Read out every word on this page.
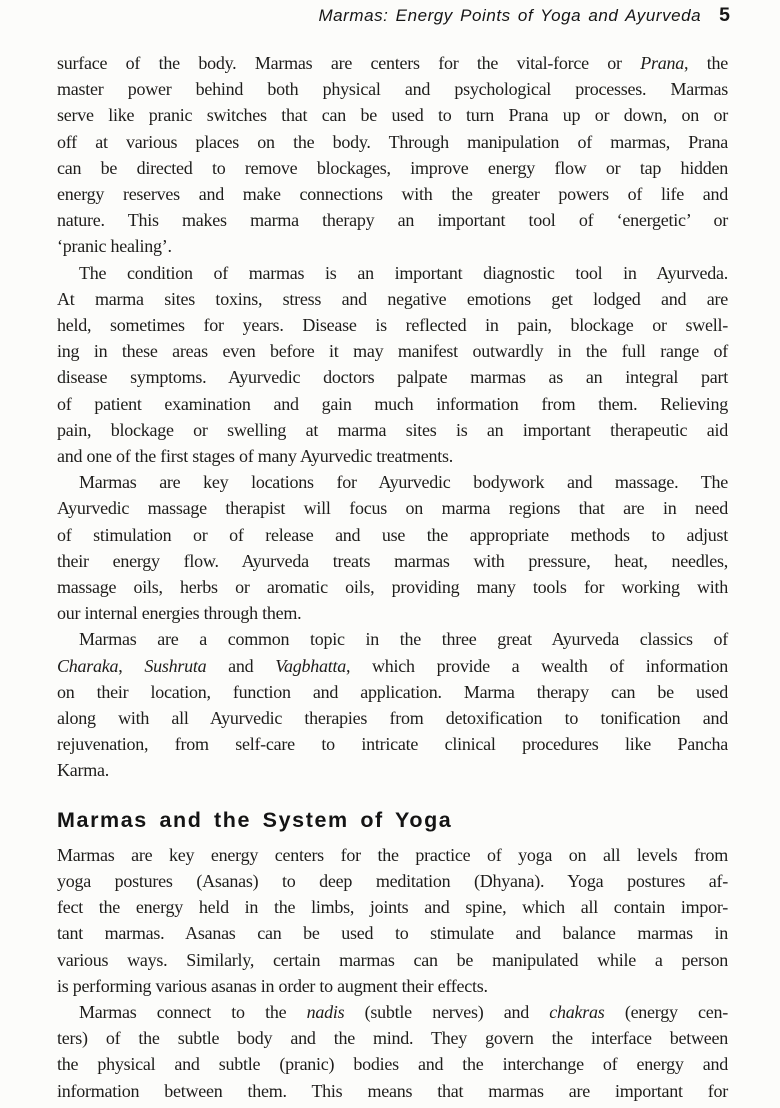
Marmas: Energy Points of Yoga and Ayurveda 5
surface of the body. Marmas are centers for the vital-force or Prana, the
master power behind both physical and psychological processes. Marmas
serve like pranic switches that can be used to turn Prana up or down, on or
off at various places on the body. Through manipulation of marmas, Prana
can be directed to remove blockages, improve energy flow or tap hidden
energy reserves and make connections with the greater powers of life and
nature. This makes marma therapy an important tool of ‘energetic’ or
‘pranic healing’.
The condition of marmas is an important diagnostic tool in Ayurveda.
At marma sites toxins, stress and negative emotions get lodged and are
held, sometimes for years. Disease is reflected in pain, blockage or swell-
ing in these areas even before it may manifest outwardly in the full range of
disease symptoms. Ayurvedic doctors palpate marmas as an integral part
of patient examination and gain much information from them. Relieving
pain, blockage or swelling at marma sites is an important therapeutic aid
and one of the first stages of many Ayurvedic treatments.
Marmas are key locations for Ayurvedic bodywork and massage. The
Ayurvedic massage therapist will focus on marma regions that are in need
of stimulation or of release and use the appropriate methods to adjust
their energy flow. Ayurveda treats marmas with pressure, heat, needles,
massage oils, herbs or aromatic oils, providing many tools for working with
our internal energies through them.
Marmas are a common topic in the three great Ayurveda classics of
Charaka, Sushruta and Vagbhatta, which provide a wealth of information
on their location, function and application. Marma therapy can be used
along with all Ayurvedic therapies from detoxification to tonification and
rejuvenation, from self-care to intricate clinical procedures like Pancha
Karma.
Marmas and the System of Yoga
Marmas are key energy centers for the practice of yoga on all levels from
yoga postures (Asanas) to deep meditation (Dhyana). Yoga postures af-
fect the energy held in the limbs, joints and spine, which all contain impor-
tant marmas. Asanas can be used to stimulate and balance marmas in
various ways. Similarly, certain marmas can be manipulated while a person
is performing various asanas in order to augment their effects.
Marmas connect to the nadis (subtle nerves) and chakras (energy cen-
ters) of the subtle body and the mind. They govern the interface between
the physical and subtle (pranic) bodies and the interchange of energy and
information between them. This means that marmas are important for
